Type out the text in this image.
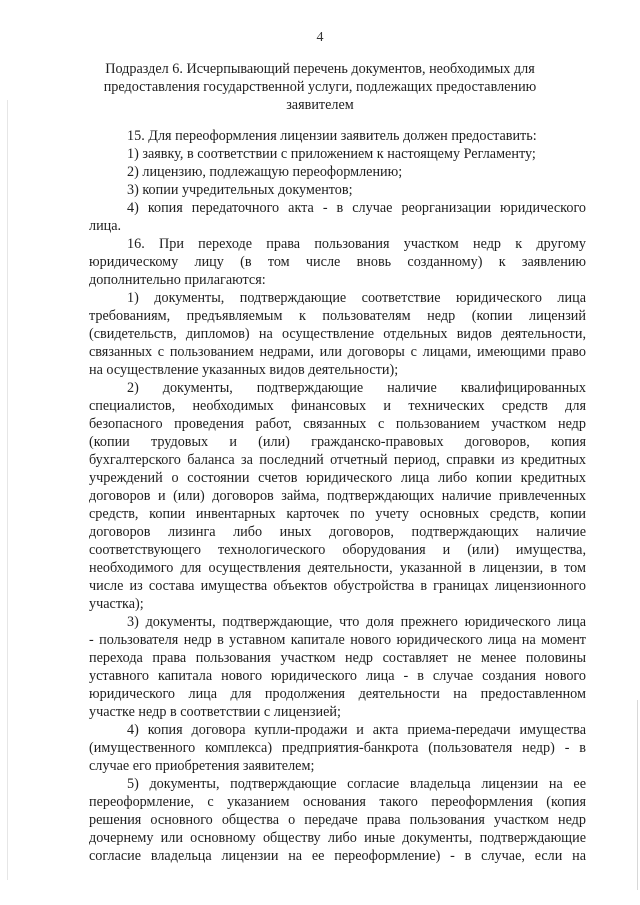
4
Подраздел 6. Исчерпывающий перечень документов, необходимых для
предоставления государственной услуги, подлежащих предоставлению
заявителем
15. Для переоформления лицензии заявитель должен предоставить:
1) заявку, в соответствии с приложением к настоящему Регламенту;
2) лицензию, подлежащую переоформлению;
3) копии учредительных документов;
4) копия передаточного акта - в случае реорганизации юридического
лица.
16. При переходе права пользования участком недр к другому
юридическому лицу (в том числе вновь созданному) к заявлению
дополнительно прилагаются:
1) документы, подтверждающие соответствие юридического лица
требованиям, предъявляемым к пользователям недр (копии лицензий
(свидетельств, дипломов) на осуществление отдельных видов деятельности,
связанных с пользованием недрами, или договоры с лицами, имеющими право
на осуществление указанных видов деятельности);
2) документы, подтверждающие наличие квалифицированных
специалистов, необходимых финансовых и технических средств для
безопасного проведения работ, связанных с пользованием участком недр
(копии трудовых и (или) гражданско-правовых договоров, копия
бухгалтерского баланса за последний отчетный период, справки из кредитных
учреждений о состоянии счетов юридического лица либо копии кредитных
договоров и (или) договоров займа, подтверждающих наличие привлеченных
средств, копии инвентарных карточек по учету основных средств, копии
договоров лизинга либо иных договоров, подтверждающих наличие
соответствующего технологического оборудования и (или) имущества,
необходимого для осуществления деятельности, указанной в лицензии, в том
числе из состава имущества объектов обустройства в границах лицензионного
участка);
3) документы, подтверждающие, что доля прежнего юридического лица
- пользователя недр в уставном капитале нового юридического лица на момент
перехода права пользования участком недр составляет не менее половины
уставного капитала нового юридического лица - в случае создания нового
юридического лица для продолжения деятельности на предоставленном
участке недр в соответствии с лицензией;
4) копия договора купли-продажи и акта приема-передачи имущества
(имущественного комплекса) предприятия-банкрота (пользователя недр) - в
случае его приобретения заявителем;
5) документы, подтверждающие согласие владельца лицензии на ее
переоформление, с указанием основания такого переоформления (копия
решения основного общества о передаче права пользования участком недр
дочернему или основному обществу либо иные документы, подтверждающие
согласие владельца лицензии на ее переоформление) - в случае, если на
